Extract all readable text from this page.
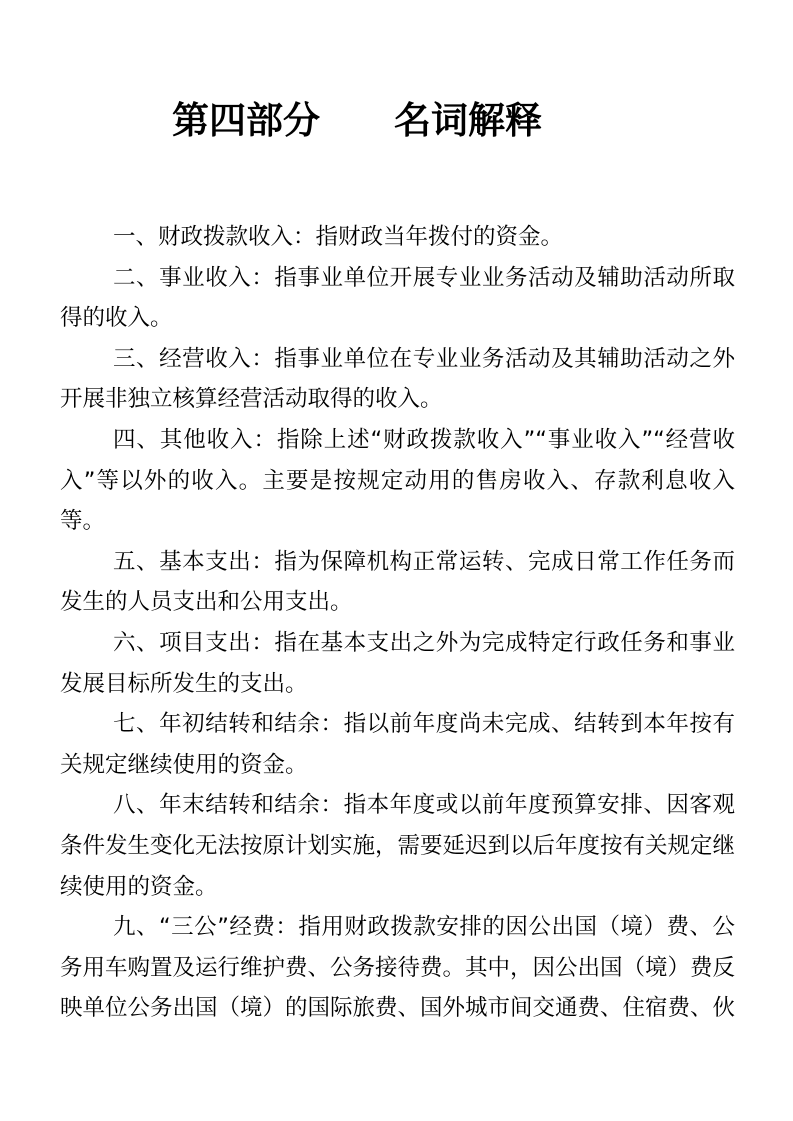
第四部分 名词解释

一、财政拨款收入：指财政当年拨付的资金。

二、事业收入：指事业单位开展专业业务活动及辅助活动所取得的收入。

三、经营收入：指事业单位在专业业务活动及其辅助活动之外开展非独立核算经营活动取得的收入。

四、其他收入：指除上述“财政拨款收入”“事业收入”“经营收入”等以外的收入。主要是按规定动用的售房收入、存款利息收入等。

五、基本支出：指为保障机构正常运转、完成日常工作任务而发生的人员支出和公用支出。

六、项目支出：指在基本支出之外为完成特定行政任务和事业发展目标所发生的支出。

七、年初结转和结余：指以前年度尚未完成、结转到本年按有关规定继续使用的资金。

八、年末结转和结余：指本年度或以前年度预算安排、因客观条件发生变化无法按原计划实施，需要延迟到以后年度按有关规定继续使用的资金。

九、“三公”经费：指用财政拨款安排的因公出国（境）费、公务用车购置及运行维护费、公务接待费。其中，因公出国（境）费反映单位公务出国（境）的国际旅费、国外城市间交通费、住宿费、伙
